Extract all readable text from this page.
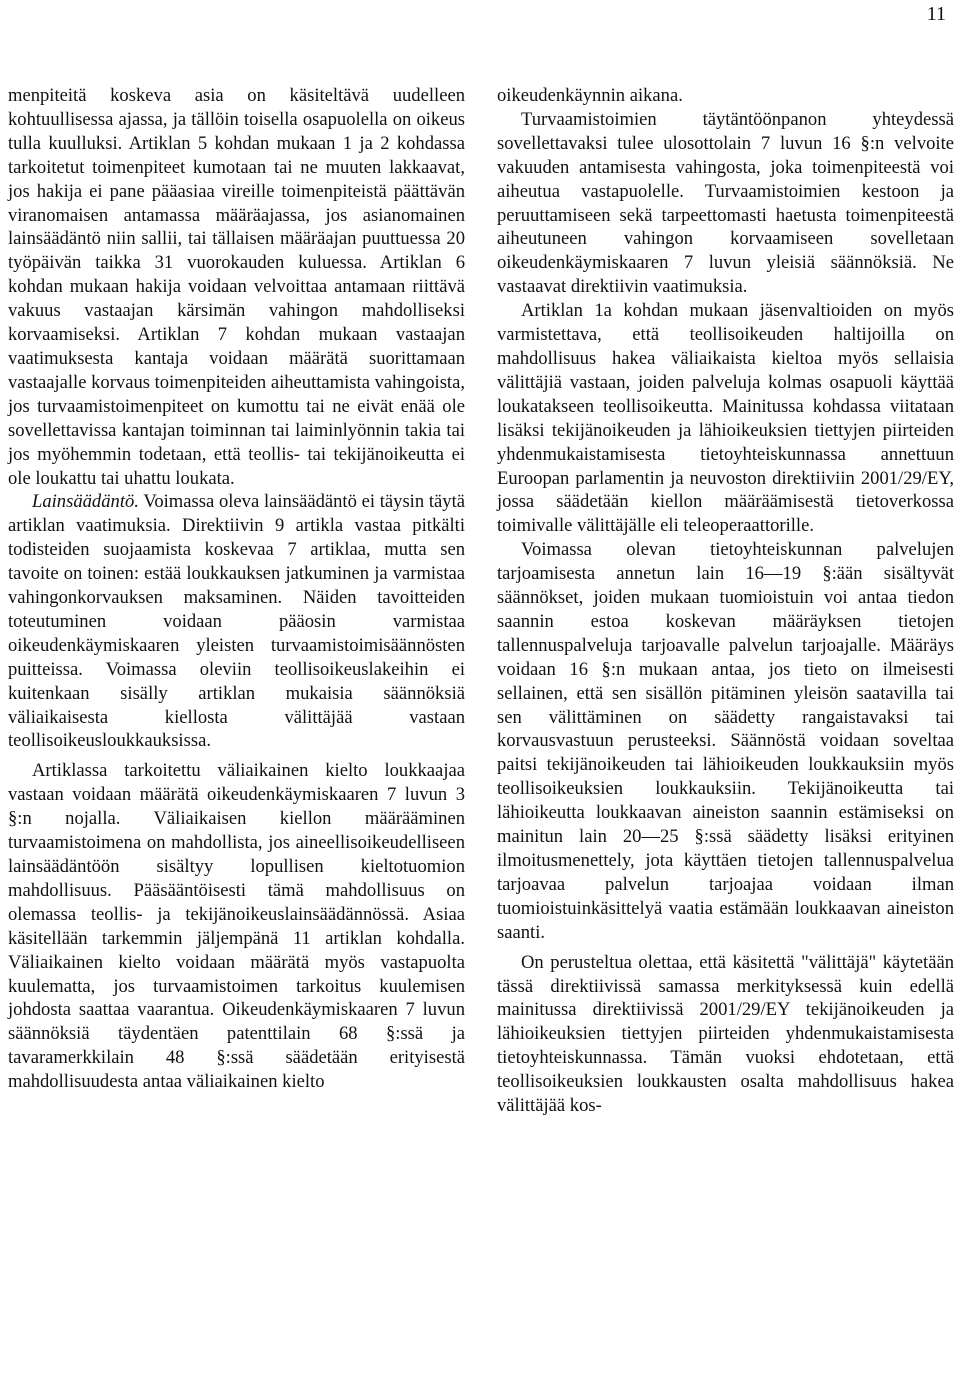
11

menpiteitä koskeva asia on käsiteltävä uudelleen kohtuullisessa ajassa, ja tällöin toisella osapuolella on oikeus tulla kuulluksi. Artiklan 5 kohdan mukaan 1 ja 2 kohdassa tarkoitetut toimenpiteet kumotaan tai ne muuten lakkaavat, jos hakija ei pane pääasiaa vireille toimenpiteistä päättävän viranomaisen antamassa määräajassa, jos asianomainen lainsäädäntö niin sallii, tai tällaisen määräajan puuttuessa 20 työpäivän taikka 31 vuorokauden kuluessa. Artiklan 6 kohdan mukaan hakija voidaan velvoittaa antamaan riittävä vakuus vastaajan kärsimän vahingon mahdolliseksi korvaamiseksi. Artiklan 7 kohdan mukaan vastaajan vaatimuksesta kantaja voidaan määrätä suorittamaan vastaajalle korvaus toimenpiteiden aiheuttamista vahingoista, jos turvaamistoimenpiteet on kumottu tai ne eivät enää ole sovellettavissa kantajan toiminnan tai laiminlyönnin takia tai jos myöhemmin todetaan, että teollis- tai tekijänoikeutta ei ole loukattu tai uhattu loukata.

Lainsäädäntö. Voimassa oleva lainsäädäntö ei täysin täytä artiklan vaatimuksia. Direktiivin 9 artikla vastaa pitkälti todisteiden suojaamista koskevaa 7 artiklaa, mutta sen tavoite on toinen: estää loukkauksen jatkuminen ja varmistaa vahingonkorvauksen maksaminen. Näiden tavoitteiden toteutuminen voidaan pääosin varmistaa oikeudenkäymiskaaren yleisten turvaamistoimisäännösten puitteissa. Voimassa oleviin teollisoikeuslakeihin ei kuitenkaan sisälly artiklan mukaisia säännöksiä väliaikaisesta kiellosta välittäjää vastaan teollisoikeusloukkauksissa.

Artiklassa tarkoitettu väliaikainen kielto loukkaajaa vastaan voidaan määrätä oikeudenkäymiskaaren 7 luvun 3 §:n nojalla. Väliaikaisen kiellon määrääminen turvaamistoimena on mahdollista, jos aineellisoikeudelliseen lainsäädäntöön sisältyy lopullisen kieltotuomion mahdollisuus. Pääsääntöisesti tämä mahdollisuus on olemassa teollis- ja tekijänoikeuslainsäädännössä. Asiaa käsitellään tarkemmin jäljempänä 11 artiklan kohdalla. Väliaikainen kielto voidaan määrätä myös vastapuolta kuulematta, jos turvaamistoimen tarkoitus kuulemisen johdosta saattaa vaarantua. Oikeudenkäymiskaaren 7 luvun säännöksiä täydentäen patenttilain 68 §:ssä ja tavaramerkkilain 48 §:ssä säädetään erityisestä mahdollisuudesta antaa väliaikainen kielto

oikeudenkäynnin aikana.

Turvaamistoimien täytäntöönpanon yhteydessä sovellettavaksi tulee ulosottolain 7 luvun 16 §:n velvoite vakuuden antamisesta vahingosta, joka toimenpiteestä voi aiheutua vastapuolelle. Turvaamistoimien kestoon ja peruuttamiseen sekä tarpeettomasti haetusta toimenpiteestä aiheutuneen vahingon korvaamiseen sovelletaan oikeudenkäymiskaaren 7 luvun yleisiä säännöksiä. Ne vastaavat direktiivin vaatimuksia.

Artiklan 1a kohdan mukaan jäsenvaltioiden on myös varmistettava, että teollisoikeuden haltijoilla on mahdollisuus hakea väliaikaista kieltoa myös sellaisia välittäjiä vastaan, joiden palveluja kolmas osapuoli käyttää loukatakseen teollisoikeutta. Mainitussa kohdassa viitataan lisäksi tekijänoikeuden ja lähioikeuksien tiettyjen piirteiden yhdenmukaistamisesta tietoyhteiskunnassa annettuun Euroopan parlamentin ja neuvoston direktiiviin 2001/29/EY, jossa säädetään kiellon määräämisestä tietoverkossa toimivalle välittäjälle eli teleoperaattorille.

Voimassa olevan tietoyhteiskunnan palvelujen tarjoamisesta annetun lain 16—19 §:ään sisältyvät säännökset, joiden mukaan tuomioistuin voi antaa tiedon saannin estoa koskevan määräyksen tietojen tallennuspalveluja tarjoavalle palvelun tarjoajalle. Määräys voidaan 16 §:n mukaan antaa, jos tieto on ilmeisesti sellainen, että sen sisällön pitäminen yleisön saatavilla tai sen välittäminen on säädetty rangaistavaksi tai korvausvastuun perusteeksi. Säännöstä voidaan soveltaa paitsi tekijänoikeuden tai lähioikeuden loukkauksiin myös teollisoikeuksien loukkauksiin. Tekijänoikeutta tai lähioikeutta loukkaavan aineiston saannin estämiseksi on mainitun lain 20—25 §:ssä säädetty lisäksi erityinen ilmoitusmenettely, jota käyttäen tietojen tallennuspalvelua tarjoavaa palvelun tarjoajaa voidaan ilman tuomioistuinkäsittelyä vaatia estämään loukkaavan aineiston saanti.

On perusteltua olettaa, että käsitettä "välittäjä" käytetään tässä direktiivissä samassa merkityksessä kuin edellä mainitussa direktiivissä 2001/29/EY tekijänoikeuden ja lähioikeuksien tiettyjen piirteiden yhdenmukaistamisesta tietoyhteiskunnassa. Tämän vuoksi ehdotetaan, että teollisoikeuksien loukkausten osalta mahdollisuus hakea välittäjää kos-
